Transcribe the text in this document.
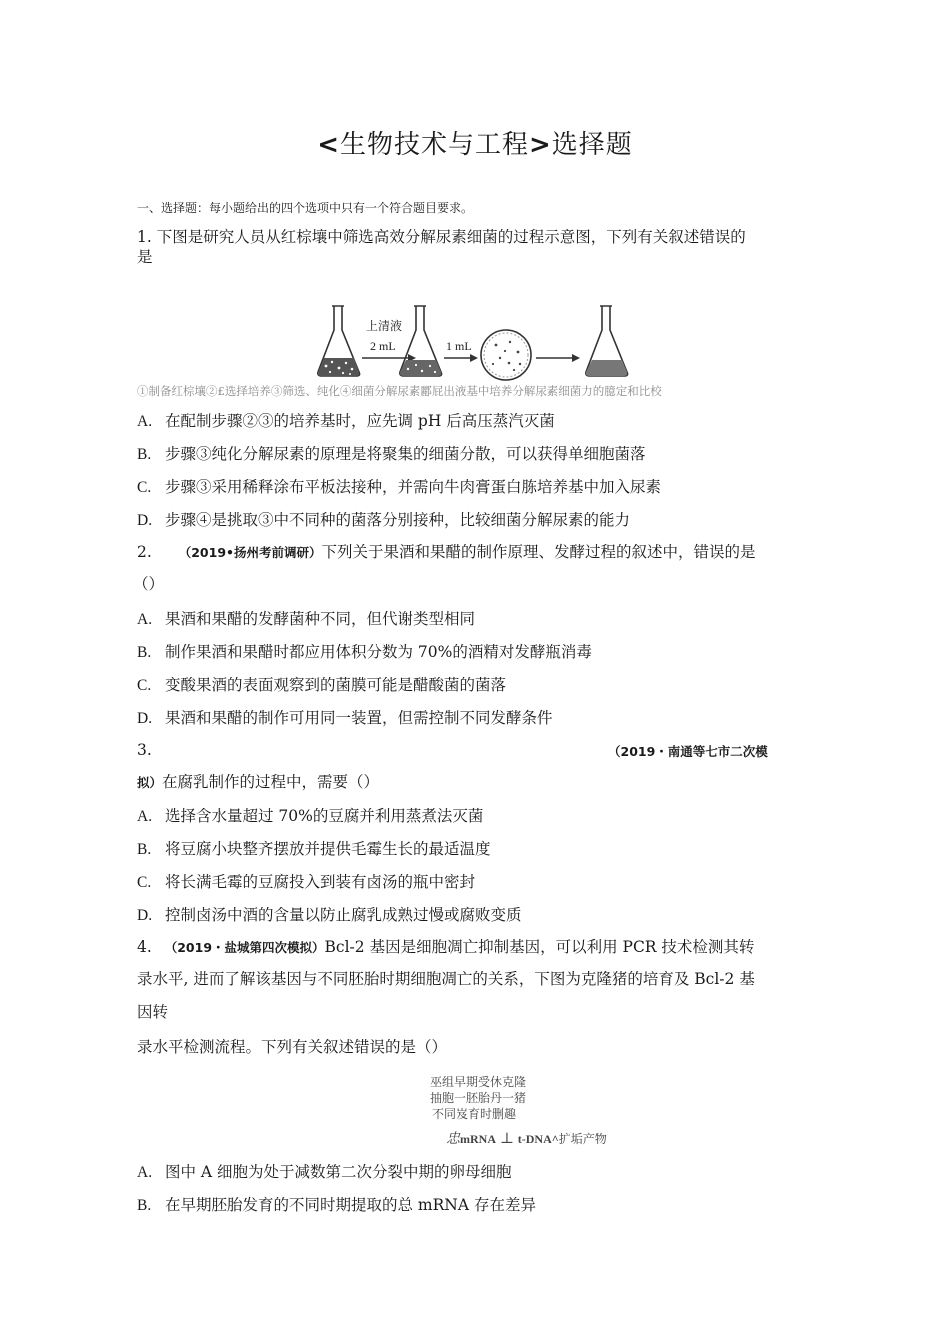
<生物技术与工程>选择题
一、选择题：每小题给出的四个选项中只有一个符合题目要求。
1. 下图是研究人员从红棕壤中筛选高效分解尿素细菌的过程示意图，下列有关叙述错误的
是
上清液
2 mL	1 mL
①制备红棕壤②£选择培养③筛选、纯化④细菌分解尿素酈屁出液基中培养分解尿素细菌力的臆定和比校
A. 在配制步骤②③的培养基时，应先调 pH 后高压蒸汽灭菌
B. 步骤③纯化分解尿素的原理是将聚集的细菌分散，可以获得单细胞菌落
C. 步骤③采用稀释涂布平板法接种，并需向牛肉膏蛋白胨培养基中加入尿素
D. 步骤④是挑取③中不同种的菌落分别接种，比较细菌分解尿素的能力
2. （2019•扬州考前调研）下列关于果酒和果醋的制作原理、发酵过程的叙述中，错误的是
（）
A. 果酒和果醋的发酵菌种不同，但代谢类型相同
B. 制作果酒和果醋时都应用体积分数为 70%的酒精对发酵瓶消毒
C. 变酸果酒的表面观察到的菌膜可能是醋酸菌的菌落
D. 果酒和果醋的制作可用同一装置，但需控制不同发酵条件
3.	（2019・南通等七市二次模
拟）在腐乳制作的过程中，需要（）
A. 选择含水量超过 70%的豆腐并利用蒸煮法灭菌
B. 将豆腐小块整齐摆放并提供毛霉生长的最适温度
C. 将长满毛霉的豆腐投入到装有卤汤的瓶中密封
D. 控制卤汤中酒的含量以防止腐乳成熟过慢或腐败变质
4. （2019・盐城第四次模拟）Bcl-2 基因是细胞凋亡抑制基因，可以利用 PCR 技术检测其转
录水平, 进而了解该基因与不同胚胎时期细胞凋亡的关系，下图为克隆猪的培育及 Bcl-2 基
因转
录水平检测流程。下列有关叙述错误的是（）
巫组早期受休克隆
抽胞一胚胎丹一猪
不同岌育时删趣
忠mRNA ⊥ t-DNA^扩垢产物
A. 图中 A 细胞为处于减数第二次分裂中期的卵母细胞
B. 在早期胚胎发育的不同时期提取的总 mRNA 存在差异
